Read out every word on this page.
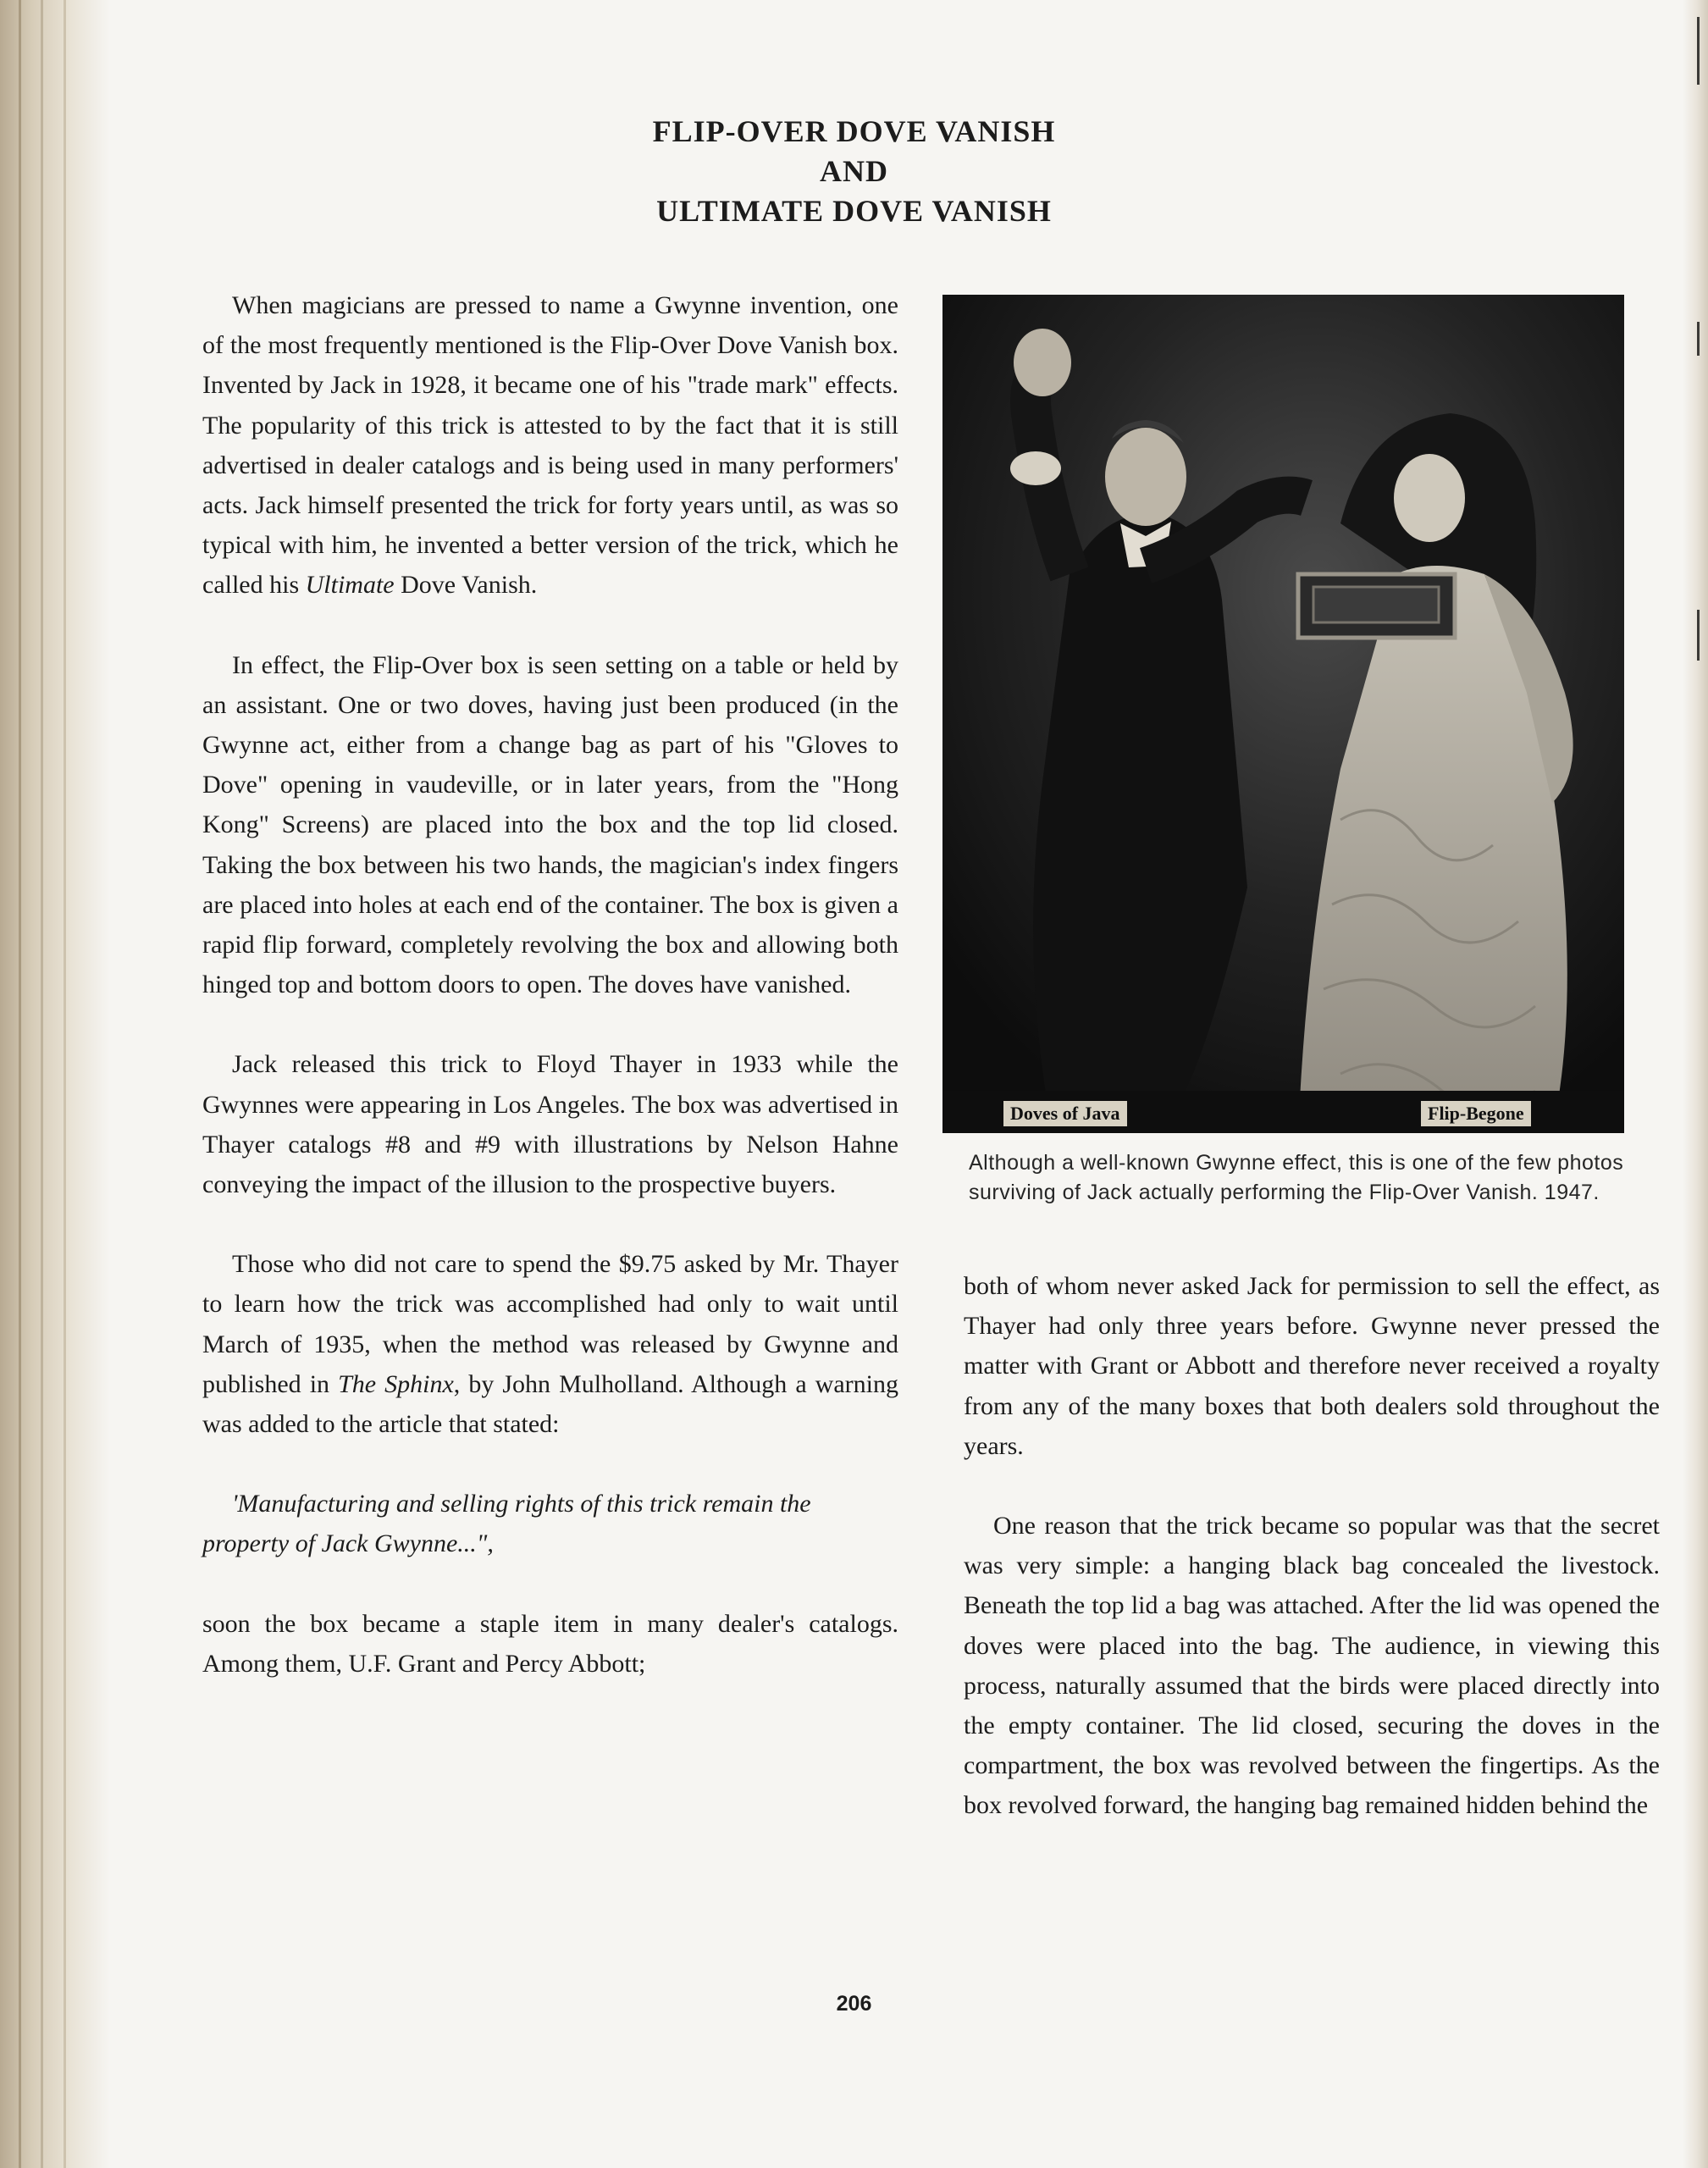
FLIP-OVER DOVE VANISH
AND
ULTIMATE DOVE VANISH

When magicians are pressed to name a Gwynne invention, one of the most frequently mentioned is the Flip-Over Dove Vanish box. Invented by Jack in 1928, it became one of his "trade mark" effects. The popularity of this trick is attested to by the fact that it is still advertised in dealer catalogs and is being used in many performers' acts. Jack himself presented the trick for forty years until, as was so typical with him, he invented a better version of the trick, which he called his Ultimate Dove Vanish.

In effect, the Flip-Over box is seen setting on a table or held by an assistant. One or two doves, having just been produced (in the Gwynne act, either from a change bag as part of his "Gloves to Dove" opening in vaudeville, or in later years, from the "Hong Kong" Screens) are placed into the box and the top lid closed. Taking the box between his two hands, the magician's index fingers are placed into holes at each end of the container. The box is given a rapid flip forward, completely revolving the box and allowing both hinged top and bottom doors to open. The doves have vanished.

Jack released this trick to Floyd Thayer in 1933 while the Gwynnes were appearing in Los Angeles. The box was advertised in Thayer catalogs #8 and #9 with illustrations by Nelson Hahne conveying the impact of the illusion to the prospective buyers.

Those who did not care to spend the $9.75 asked by Mr. Thayer to learn how the trick was accomplished had only to wait until March of 1935, when the method was released by Gwynne and published in The Sphinx, by John Mulholland. Although a warning was added to the article that stated:

'Manufacturing and selling rights of this trick remain the property of Jack Gwynne...",

soon the box became a staple item in many dealer's catalogs. Among them, U.F. Grant and Percy Abbott;

Doves of Java	Flip-Begone
Although a well-known Gwynne effect, this is one of the few photos surviving of Jack actually performing the Flip-Over Vanish. 1947.

both of whom never asked Jack for permission to sell the effect, as Thayer had only three years before. Gwynne never pressed the matter with Grant or Abbott and therefore never received a royalty from any of the many boxes that both dealers sold throughout the years.

One reason that the trick became so popular was that the secret was very simple: a hanging black bag concealed the livestock. Beneath the top lid a bag was attached. After the lid was opened the doves were placed into the bag. The audience, in viewing this process, naturally assumed that the birds were placed directly into the empty container. The lid closed, securing the doves in the compartment, the box was revolved between the fingertips. As the box revolved forward, the hanging bag remained hidden behind the

206
